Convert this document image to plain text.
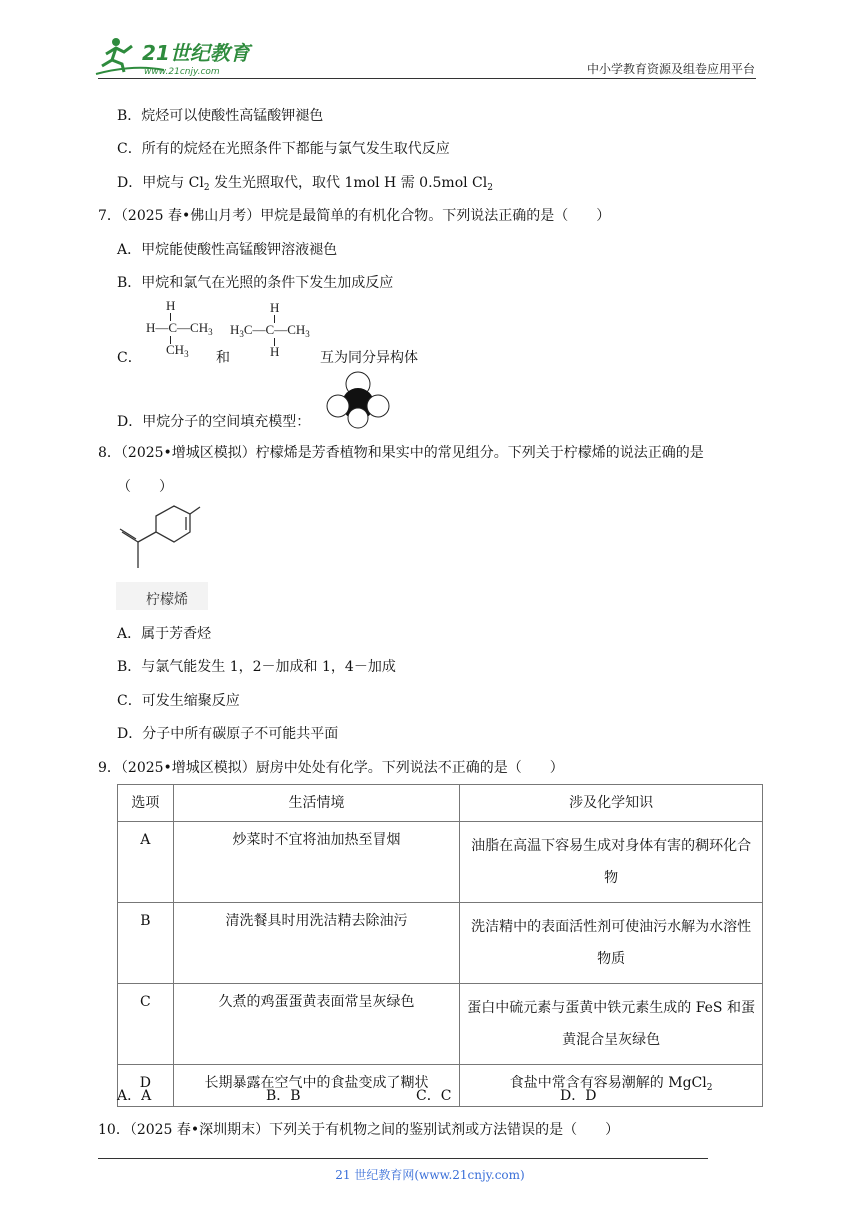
21世纪教育
www.21cnjy.com	中小学教育资源及组卷应用平台
B．烷烃可以使酸性高锰酸钾褪色
C．所有的烷烃在光照条件下都能与氯气发生取代反应
D．甲烷与 $Cl_2$ 发生光照取代，取代 1mol H 需 0.5mol $Cl_2$
7．（2025 春•佛山月考）甲烷是最简单的有机化合物。下列说法正确的是（　　）
A．甲烷能使酸性高锰酸钾溶液褪色
B．甲烷和氯气在光照的条件下发生加成反应
H
$H—C—CH_3$
$CH_3$
H
$H_3C—C—CH_3$
H
C．	和	互为同分异构体
D．甲烷分子的空间填充模型：
8．（2025•增城区模拟）柠檬烯是芳香植物和果实中的常见组分。下列关于柠檬烯的说法正确的是
（　　）
柠檬烯
A．属于芳香烃
B．与氯气能发生 1，2－加成和 1，4－加成
C．可发生缩聚反应
D．分子中所有碳原子不可能共平面
9．（2025•增城区模拟）厨房中处处有化学。下列说法不正确的是（　　）
选项	生活情境	涉及化学知识
A	炒菜时不宜将油加热至冒烟	油脂在高温下容易生成对身体有害的稠环化合物
B	清洗餐具时用洗洁精去除油污	洗洁精中的表面活性剂可使油污水解为水溶性物质
C	久煮的鸡蛋蛋黄表面常呈灰绿色	蛋白中硫元素与蛋黄中铁元素生成的 FeS 和蛋黄混合呈灰绿色
D	长期暴露在空气中的食盐变成了糊状	食盐中常含有容易潮解的 MgCl$_2$
A．A	B．B	C．C	D．D
10．（2025 春•深圳期末）下列关于有机物之间的鉴别试剂或方法错误的是（　　）
21 世纪教育网(www.21cnjy.com)
